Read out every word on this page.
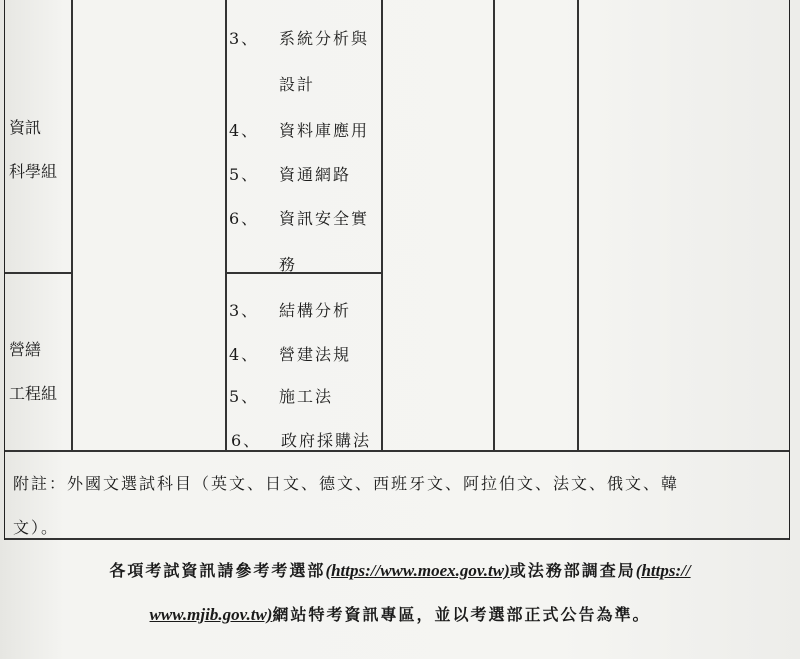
資訊
科學組
3、 系統分析與
設計
4、 資料庫應用
5、 資通網路
6、 資訊安全實
務
營繕
工程組
3、 結構分析
4、 營建法規
5、 施工法
6、 政府採購法
附註：外國文選試科目（英文、日文、德文、西班牙文、阿拉伯文、法文、俄文、韓
文）。
各項考試資訊請參考考選部(https://www.moex.gov.tw)或法務部調查局(https://
www.mjib.gov.tw)網站特考資訊專區，並以考選部正式公告為準。
